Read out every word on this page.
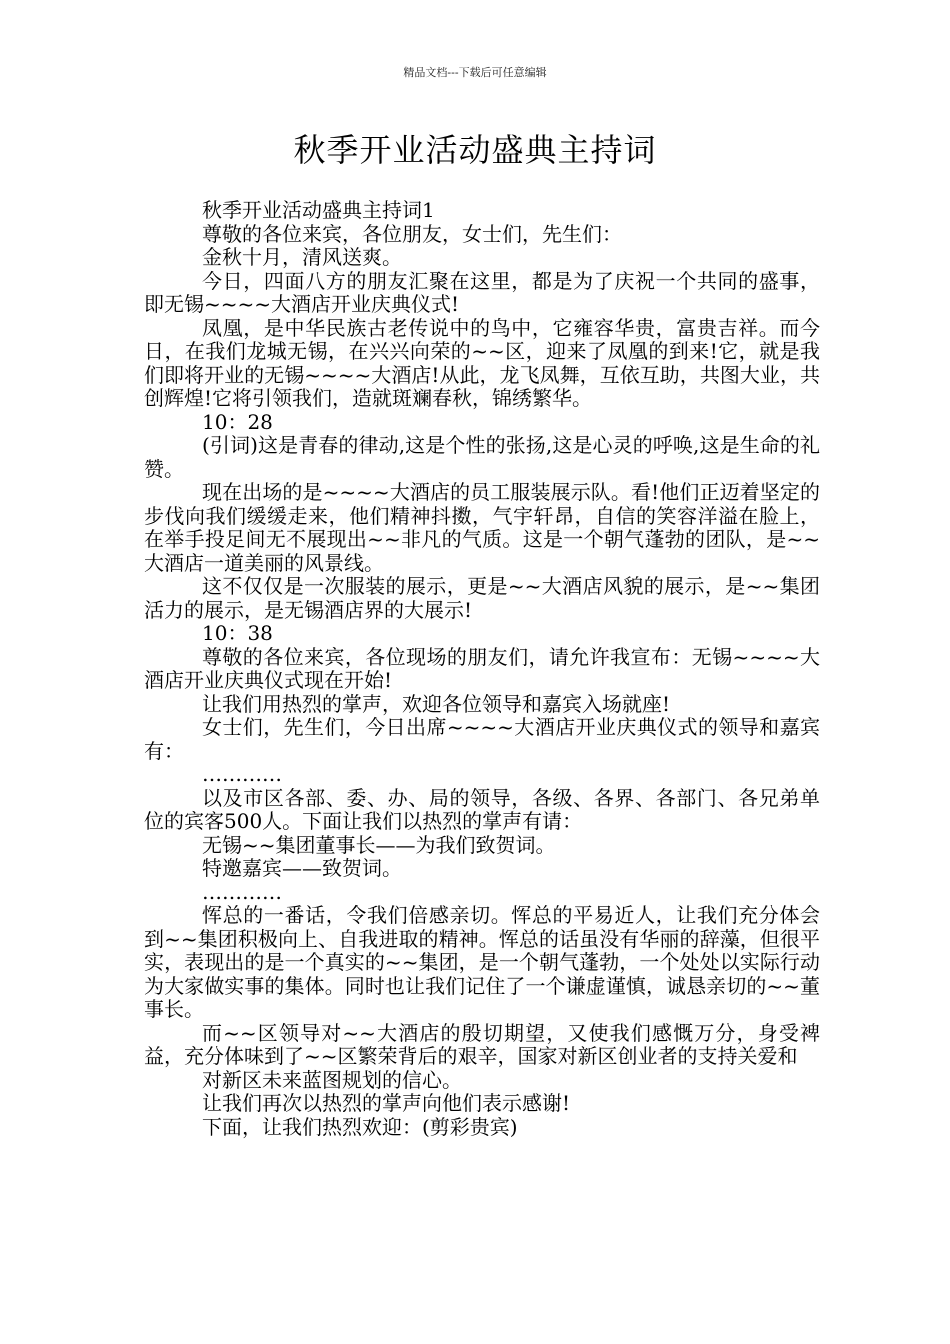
精品文档---下载后可任意编辑
秋季开业活动盛典主持词

秋季开业活动盛典主持词1

尊敬的各位来宾，各位朋友，女士们，先生们：

金秋十月，清风送爽。

今日，四面八方的朋友汇聚在这里，都是为了庆祝一个共同的盛事，即无锡~~~~大酒店开业庆典仪式!

凤凰，是中华民族古老传说中的鸟中，它雍容华贵，富贵吉祥。而今日，在我们龙城无锡，在兴兴向荣的~~区，迎来了凤凰的到来!它，就是我们即将开业的无锡~~~~大酒店!从此，龙飞凤舞，互依互助，共图大业，共创辉煌!它将引领我们，造就斑斓春秋，锦绣繁华。

10：28

(引词)这是青春的律动,这是个性的张扬,这是心灵的呼唤,这是生命的礼赞。

现在出场的是~~~~大酒店的员工服装展示队。看!他们正迈着坚定的步伐向我们缓缓走来，他们精神抖擞，气宇轩昂，自信的笑容洋溢在脸上，在举手投足间无不展现出~~非凡的气质。这是一个朝气蓬勃的团队，是~~大酒店一道美丽的风景线。

这不仅仅是一次服装的展示，更是~~大酒店风貌的展示，是~~集团活力的展示，是无锡酒店界的大展示!

10：38

尊敬的各位来宾，各位现场的朋友们，请允许我宣布：无锡~~~~大酒店开业庆典仪式现在开始!

让我们用热烈的掌声，欢迎各位领导和嘉宾入场就座!

女士们，先生们，今日出席~~~~大酒店开业庆典仪式的领导和嘉宾有：

…………

以及市区各部、委、办、局的领导，各级、各界、各部门、各兄弟单位的宾客500人。下面让我们以热烈的掌声有请：

无锡~~集团董事长——为我们致贺词。

特邀嘉宾——致贺词。

…………

恽总的一番话，令我们倍感亲切。恽总的平易近人，让我们充分体会到~~集团积极向上、自我进取的精神。恽总的话虽没有华丽的辞藻，但很平实，表现出的是一个真实的~~集团，是一个朝气蓬勃，一个处处以实际行动为大家做实事的集体。同时也让我们记住了一个谦虚谨慎，诚恳亲切的~~董事长。

而~~区领导对~~大酒店的殷切期望，又使我们感慨万分，身受裨益，充分体味到了~~区繁荣背后的艰辛，国家对新区创业者的支持关爱和

对新区未来蓝图规划的信心。

让我们再次以热烈的掌声向他们表示感谢!

下面，让我们热烈欢迎：(剪彩贵宾)
